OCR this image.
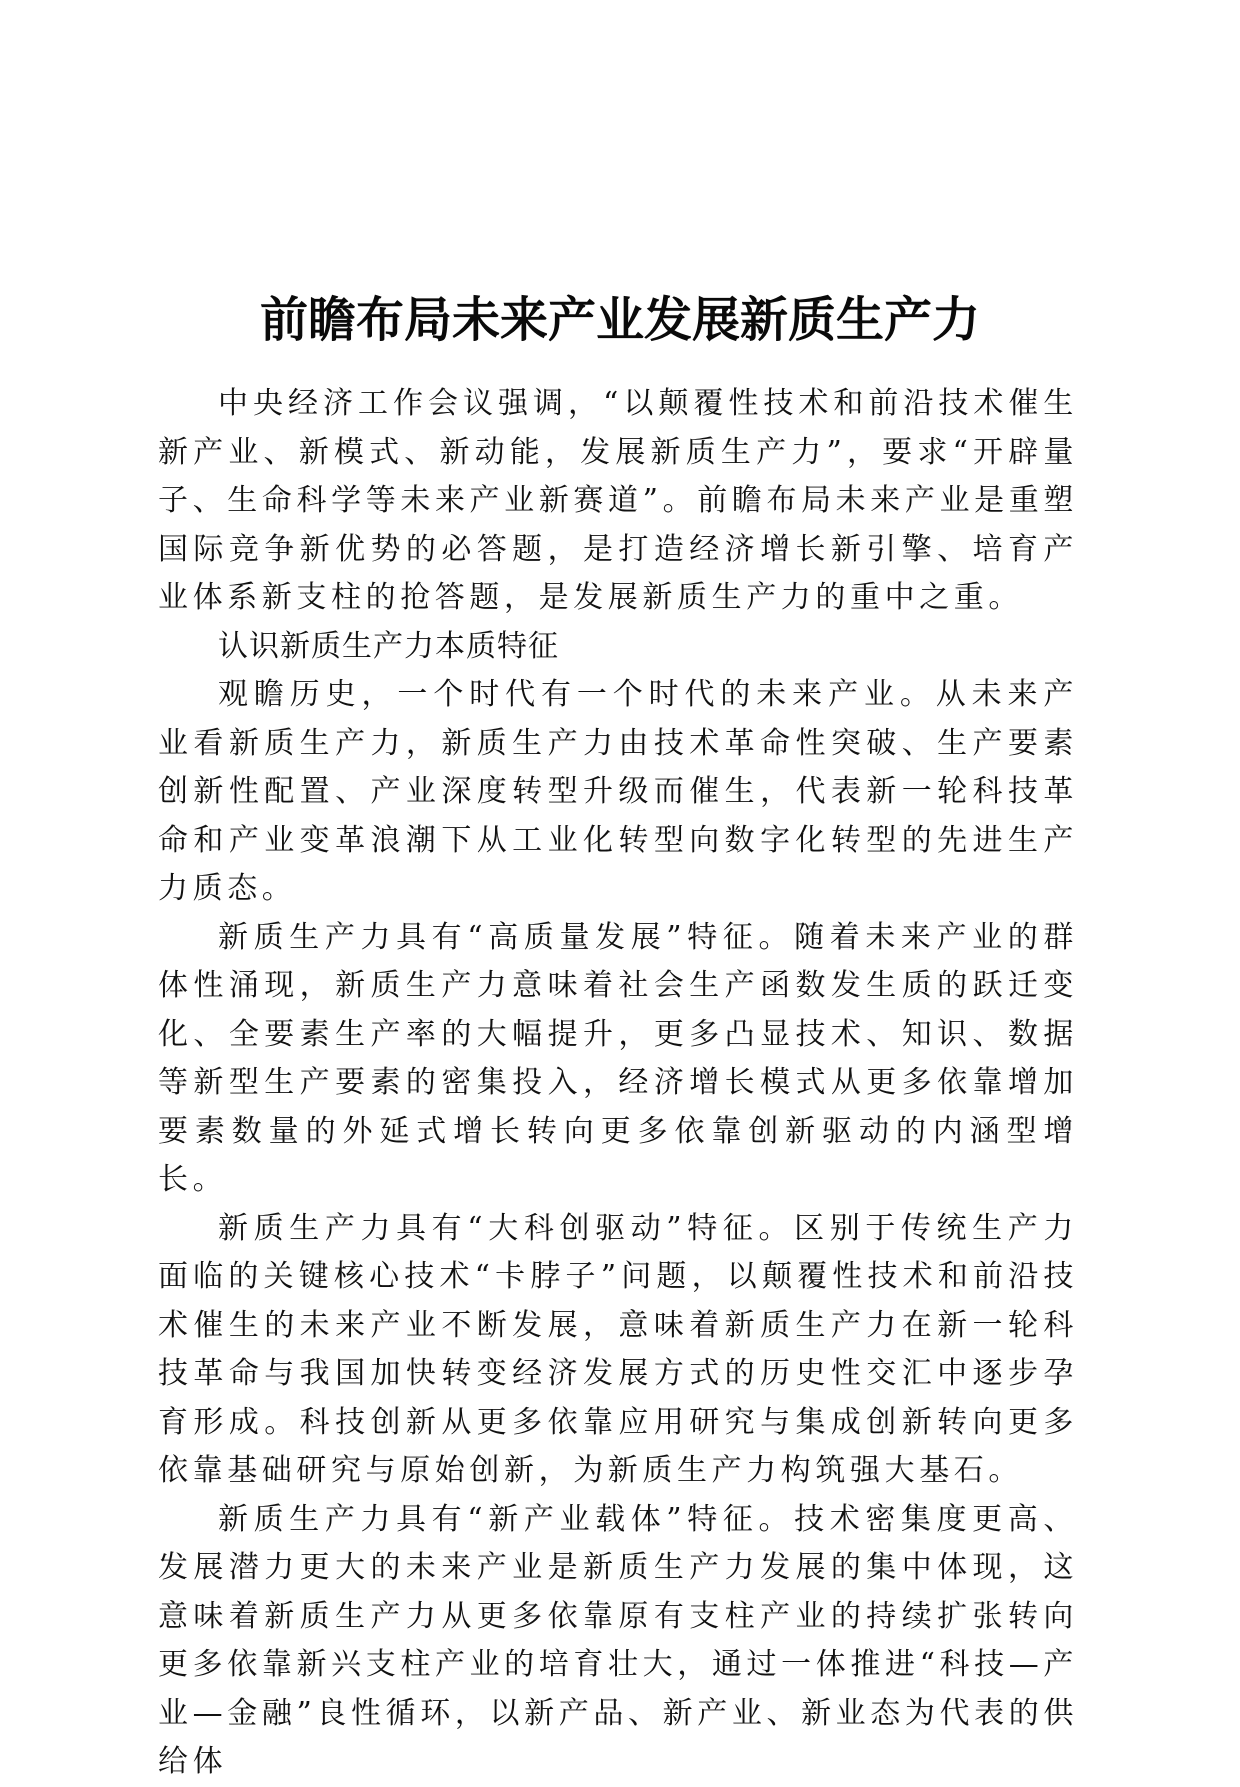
前瞻布局未来产业发展新质生产力

中央经济工作会议强调，“以颠覆性技术和前沿技术催生新产业、新模式、新动能，发展新质生产力”，要求“开辟量子、生命科学等未来产业新赛道”。前瞻布局未来产业是重塑国际竞争新优势的必答题，是打造经济增长新引擎、培育产业体系新支柱的抢答题，是发展新质生产力的重中之重。

认识新质生产力本质特征

观瞻历史，一个时代有一个时代的未来产业。从未来产业看新质生产力，新质生产力由技术革命性突破、生产要素创新性配置、产业深度转型升级而催生，代表新一轮科技革命和产业变革浪潮下从工业化转型向数字化转型的先进生产力质态。

新质生产力具有“高质量发展”特征。随着未来产业的群体性涌现，新质生产力意味着社会生产函数发生质的跃迁变化、全要素生产率的大幅提升，更多凸显技术、知识、数据等新型生产要素的密集投入，经济增长模式从更多依靠增加要素数量的外延式增长转向更多依靠创新驱动的内涵型增长。

新质生产力具有“大科创驱动”特征。区别于传统生产力面临的关键核心技术“卡脖子”问题，以颠覆性技术和前沿技术催生的未来产业不断发展，意味着新质生产力在新一轮科技革命与我国加快转变经济发展方式的历史性交汇中逐步孕育形成。科技创新从更多依靠应用研究与集成创新转向更多依靠基础研究与原始创新，为新质生产力构筑强大基石。

新质生产力具有“新产业载体”特征。技术密集度更高、发展潜力更大的未来产业是新质生产力发展的集中体现，这意味着新质生产力从更多依靠原有支柱产业的持续扩张转向更多依靠新兴支柱产业的培育壮大，通过一体推进“科技—产业—金融”良性循环，以新产品、新产业、新业态为代表的供给体
